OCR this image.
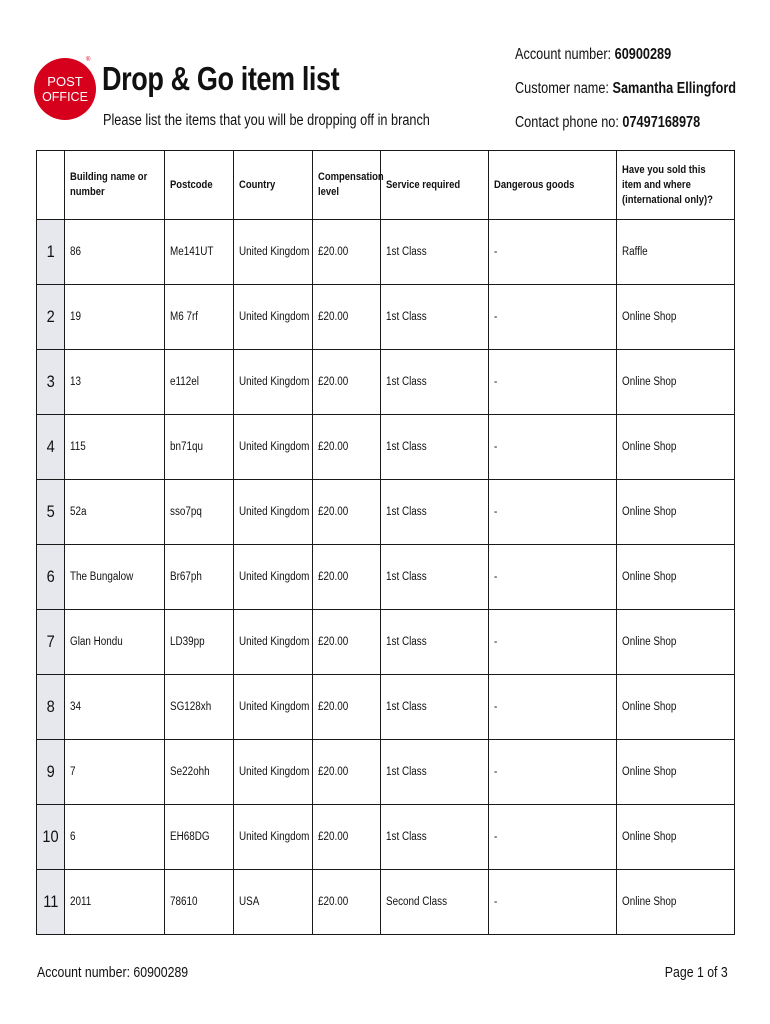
POST
OFFICE
® Drop & Go item list
Please list the items that you will be dropping off in branch
Account number: 60900289
Customer name: Samantha Ellingford
Contact phone no: 07497168978
	Building name or number	Postcode	Country	Compensation level	Service required	Dangerous goods	Have you sold this item and where (international only)?
1	86	Me141UT	United Kingdom	£20.00	1st Class	-	Raffle
2	19	M6 7rf	United Kingdom	£20.00	1st Class	-	Online Shop
3	13	e112el	United Kingdom	£20.00	1st Class	-	Online Shop
4	115	bn71qu	United Kingdom	£20.00	1st Class	-	Online Shop
5	52a	sso7pq	United Kingdom	£20.00	1st Class	-	Online Shop
6	The Bungalow	Br67ph	United Kingdom	£20.00	1st Class	-	Online Shop
7	Glan Hondu	LD39pp	United Kingdom	£20.00	1st Class	-	Online Shop
8	34	SG128xh	United Kingdom	£20.00	1st Class	-	Online Shop
9	7	Se22ohh	United Kingdom	£20.00	1st Class	-	Online Shop
10	6	EH68DG	United Kingdom	£20.00	1st Class	-	Online Shop
11	2011	78610	USA	£20.00	Second Class	-	Online Shop
Account number: 60900289	Page 1 of 3
